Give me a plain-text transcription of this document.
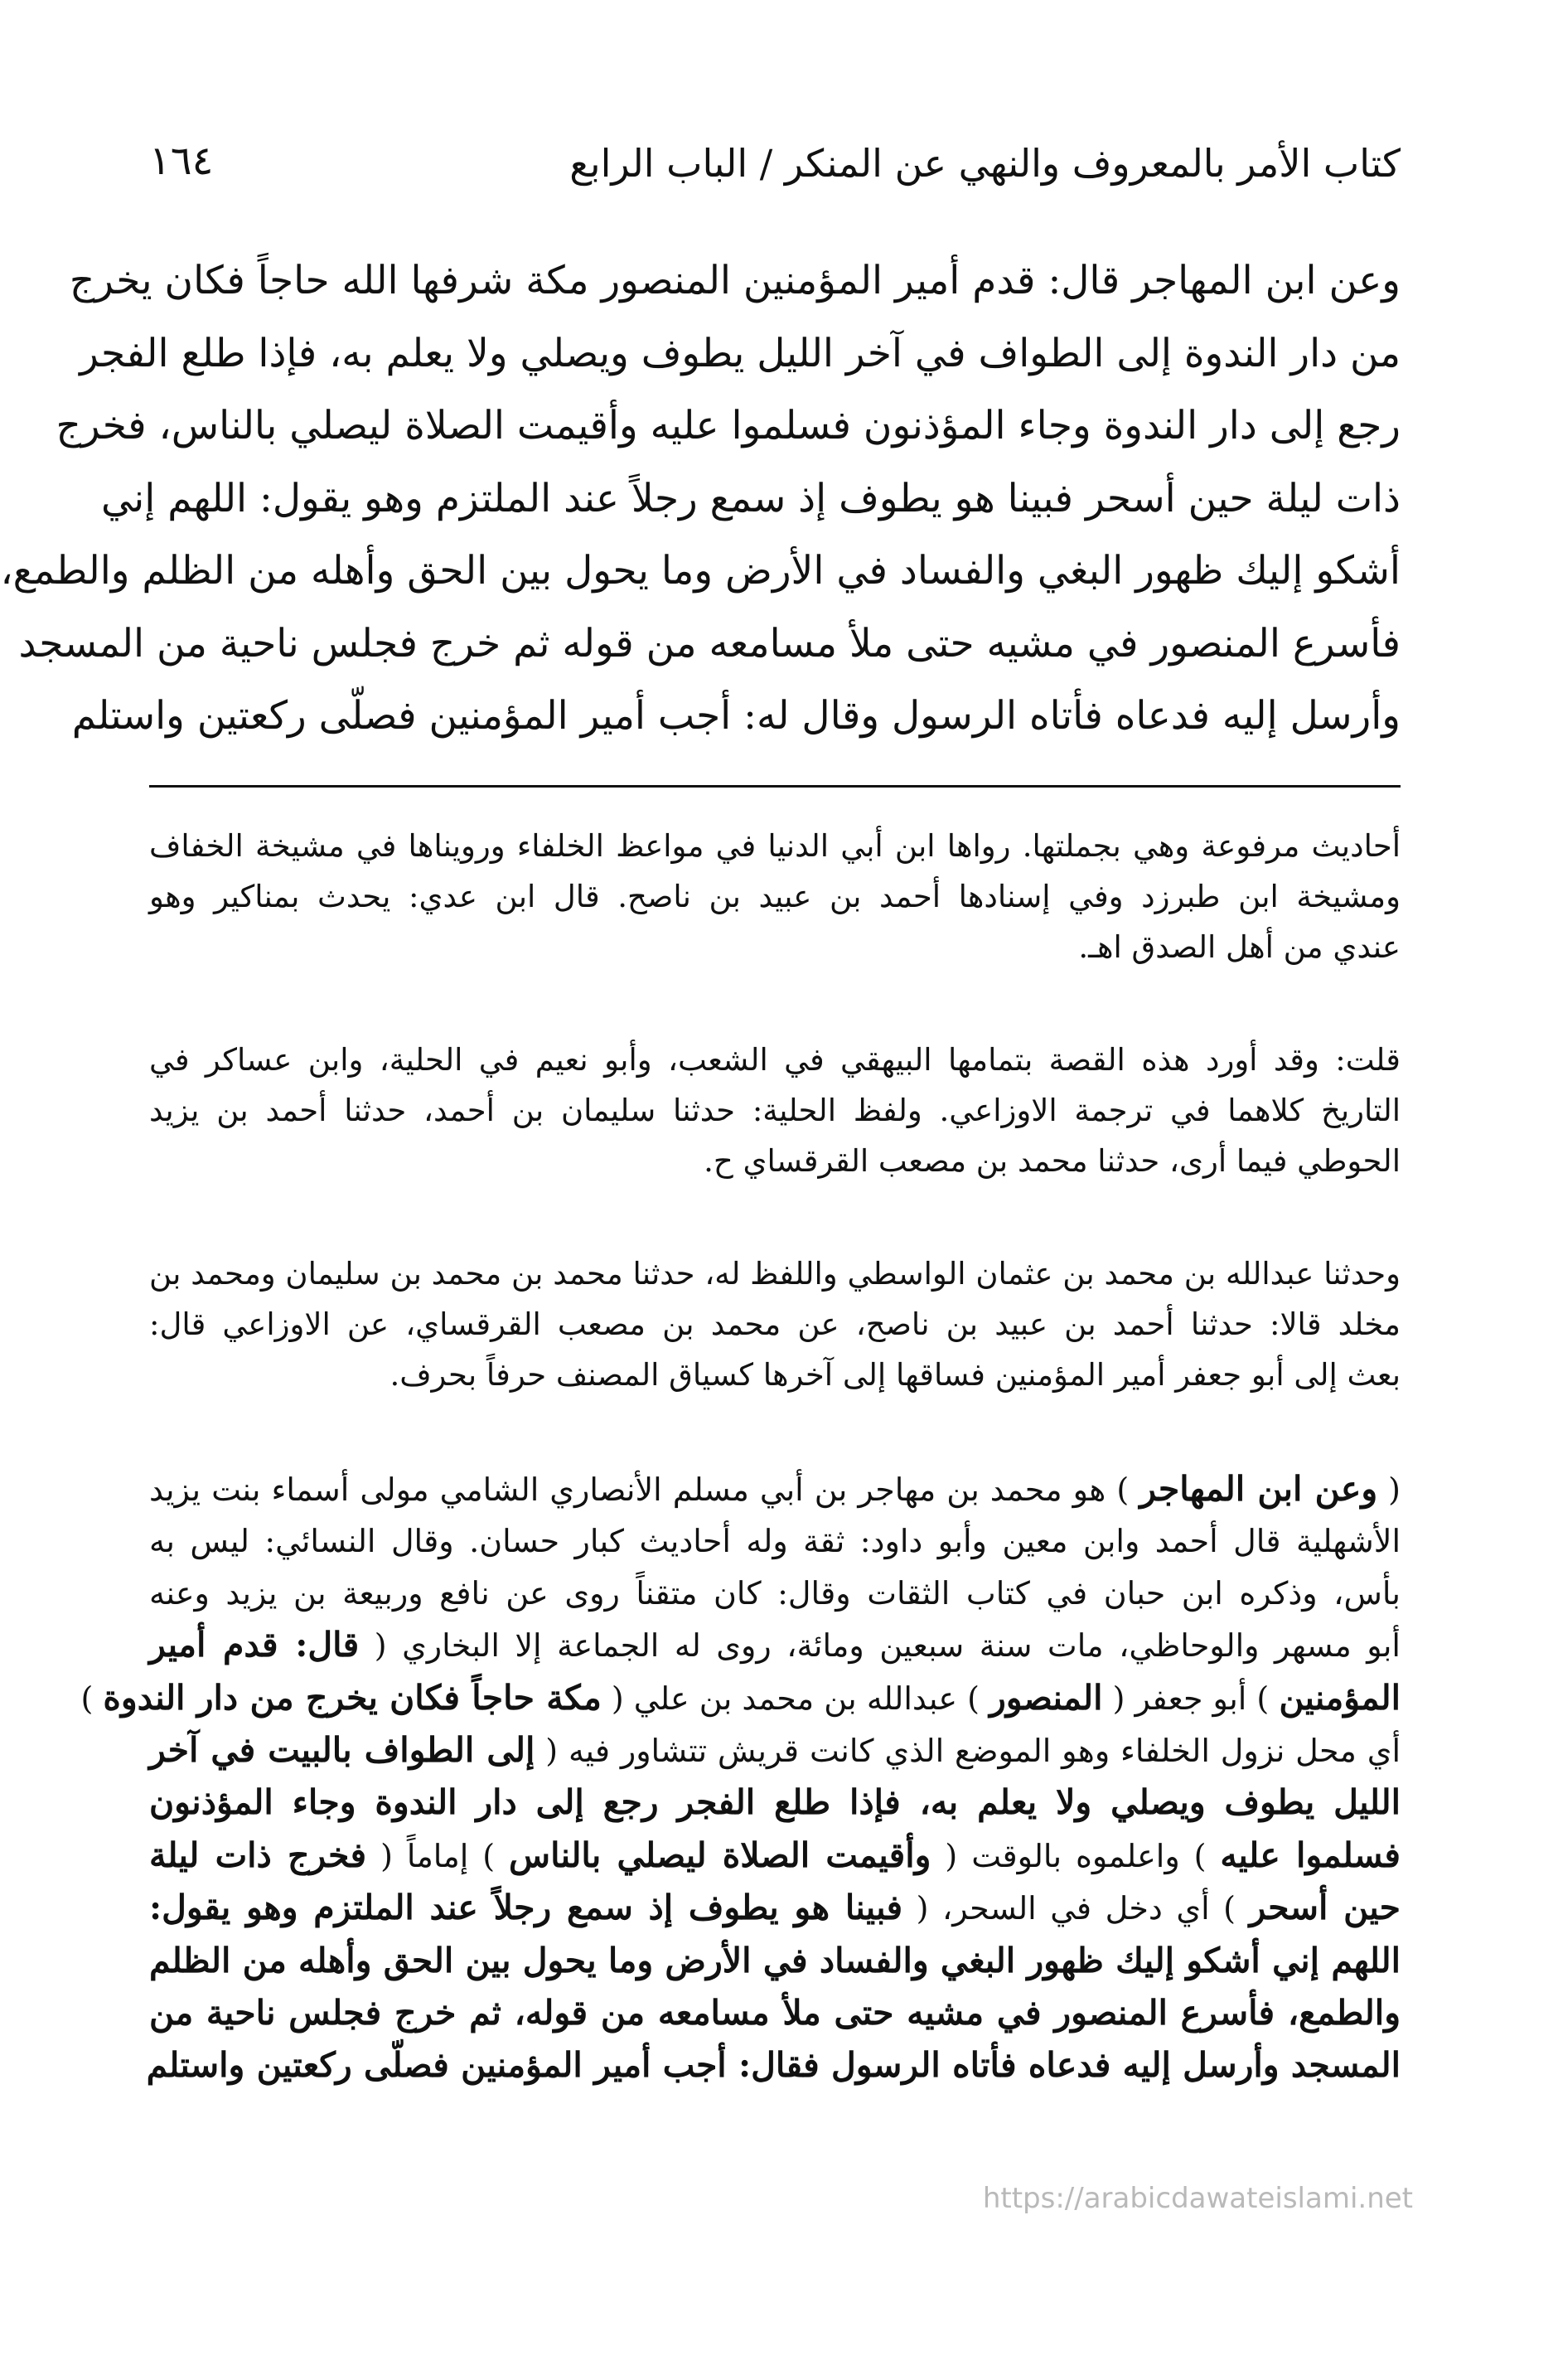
كتاب الأمر بالمعروف والنهي عن المنكر / الباب الرابع
١٦٤
وعن ابن المهاجر قال: قدم أمير المؤمنين المنصور مكة شرفها الله حاجاً فكان يخرج
من دار الندوة إلى الطواف في آخر الليل يطوف ويصلي ولا يعلم به، فإذا طلع الفجر
رجع إلى دار الندوة وجاء المؤذنون فسلموا عليه وأقيمت الصلاة ليصلي بالناس، فخرج
ذات ليلة حين أسحر فبينا هو يطوف إذ سمع رجلاً عند الملتزم وهو يقول: اللهم إني
أشكو إليك ظهور البغي والفساد في الأرض وما يحول بين الحق وأهله من الظلم والطمع،
فأسرع المنصور في مشيه حتى ملأ مسامعه من قوله ثم خرج فجلس ناحية من المسجد
وأرسل إليه فدعاه فأتاه الرسول وقال له: أجب أمير المؤمنين فصلّى ركعتين واستلم
أحاديث مرفوعة وهي بجملتها. رواها ابن أبي الدنيا في مواعظ الخلفاء ورويناها في مشيخة الخفاف
ومشيخة ابن طبرزد وفي إسنادها أحمد بن عبيد بن ناصح. قال ابن عدي: يحدث بمناكير وهو
عندي من أهل الصدق اهـ.
قلت: وقد أورد هذه القصة بتمامها البيهقي في الشعب، وأبو نعيم في الحلية، وابن عساكر في
التاريخ كلاهما في ترجمة الاوزاعي. ولفظ الحلية: حدثنا سليمان بن أحمد، حدثنا أحمد بن يزيد
الحوطي فيما أرى، حدثنا محمد بن مصعب القرقساي ح.
وحدثنا عبدالله بن محمد بن عثمان الواسطي واللفظ له، حدثنا محمد بن محمد بن سليمان ومحمد بن
مخلد قالا: حدثنا أحمد بن عبيد بن ناصح، عن محمد بن مصعب القرقساي، عن الاوزاعي قال:
بعث إلى أبو جعفر أمير المؤمنين فساقها إلى آخرها كسياق المصنف حرفاً بحرف.
( وعن ابن المهاجر ) هو محمد بن مهاجر بن أبي مسلم الأنصاري الشامي مولى أسماء بنت يزيد
الأشهلية قال أحمد وابن معين وأبو داود: ثقة وله أحاديث كبار حسان. وقال النسائي: ليس به
بأس، وذكره ابن حبان في كتاب الثقات وقال: كان متقناً روى عن نافع وربيعة بن يزيد وعنه
أبو مسهر والوحاظي، مات سنة سبعين ومائة، روى له الجماعة إلا البخاري ( قال: قدم أمير
المؤمنين ) أبو جعفر ( المنصور ) عبدالله بن محمد بن علي ( مكة حاجاً فكان يخرج من دار الندوة )
أي محل نزول الخلفاء وهو الموضع الذي كانت قريش تتشاور فيه ( إلى الطواف بالبيت في آخر
الليل يطوف ويصلي ولا يعلم به، فإذا طلع الفجر رجع إلى دار الندوة وجاء المؤذنون
فسلموا عليه ) واعلموه بالوقت ( وأقيمت الصلاة ليصلي بالناس ) إماماً ( فخرج ذات ليلة
حين أسحر ) أي دخل في السحر، ( فبينا هو يطوف إذ سمع رجلاً عند الملتزم وهو يقول:
اللهم إني أشكو إليك ظهور البغي والفساد في الأرض وما يحول بين الحق وأهله من الظلم
والطمع، فأسرع المنصور في مشيه حتى ملأ مسامعه من قوله، ثم خرج فجلس ناحية من
المسجد وأرسل إليه فدعاه فأتاه الرسول فقال: أجب أمير المؤمنين فصلّى ركعتين واستلم
https://arabicdawateislami.net
